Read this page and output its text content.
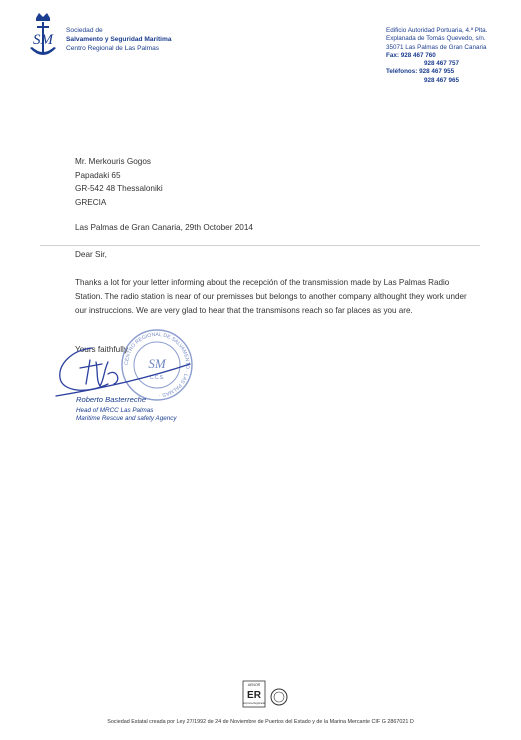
SM
Sociedad de
Salvamento y Seguridad Marítima
Centro Regional de Las Palmas
Edificio Autoridad Portuaria, 4.ª Plta.
Explanada de Tomás Quevedo, s/n.
35071 Las Palmas de Gran Canaria
Fax: 928 467 760
928 467 757
Teléfonos: 928 467 955
928 467 965
Mr. Merkouris Gogos
Papadaki 65
GR-542 48 Thessaloniki
GRECIA
Las Palmas de Gran Canaria, 29th October 2014
Dear Sir,
Thanks a lot for your letter informing about the recepción of the transmission made by Las Palmas Radio Station. The radio station is near of our premisses but belongs to another company althought they work under our instruccions. We are very glad to hear that the transmisons reach so far places as you are.
Yours faithfully
CENTRO REGIONAL DE SALVAMENTO · LAS PALMAS ·
SM
C.C.S.
Roberto Basterreche
Head of MRCC Las Palmas
Maritime Rescue and safety Agency
AENOR
ER
Empresa Registrada
Sociedad Estatal creada por Ley 27/1992 de 24 de Noviembre de Puertos del Estado y de la Marina Mercante CIF G 2867021 D
